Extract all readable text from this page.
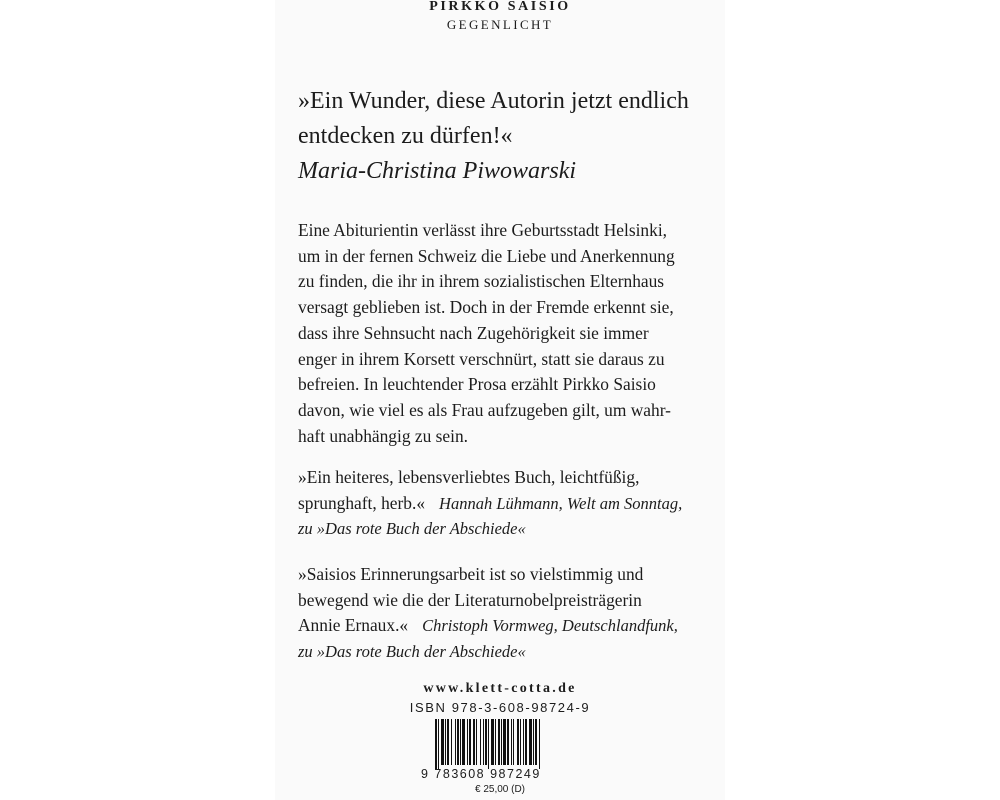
PIRKKO SAISIO
GEGENLICHT

»Ein Wunder, diese Autorin jetzt endlich
entdecken zu dürfen!«

Maria-Christina Piwowarski

Eine Abiturientin verlässt ihre Geburtsstadt Helsinki,
um in der fernen Schweiz die Liebe und Anerkennung
zu finden, die ihr in ihrem sozialistischen Elternhaus
versagt geblieben ist. Doch in der Fremde erkennt sie,
dass ihre Sehnsucht nach Zugehörigkeit sie immer
enger in ihrem Korsett verschnürt, statt sie daraus zu
befreien. In leuchtender Prosa erzählt Pirkko Saisio
davon, wie viel es als Frau aufzugeben gilt, um wahr-
haft unabhängig zu sein.

»Ein heiteres, lebensverliebtes Buch, leichtfüßig,
sprunghaft, herb.« Hannah Lühmann, Welt am Sonntag,
zu »Das rote Buch der Abschiede«

»Saisios Erinnerungsarbeit ist so vielstimmig und
bewegend wie die der Literaturnobelpreisträgerin
Annie Ernaux.« Christoph Vormweg, Deutschlandfunk,
zu »Das rote Buch der Abschiede«

www.klett-cotta.de
ISBN 978-3-608-98724-9
9 783608 987249
€ 25,00 (D)
